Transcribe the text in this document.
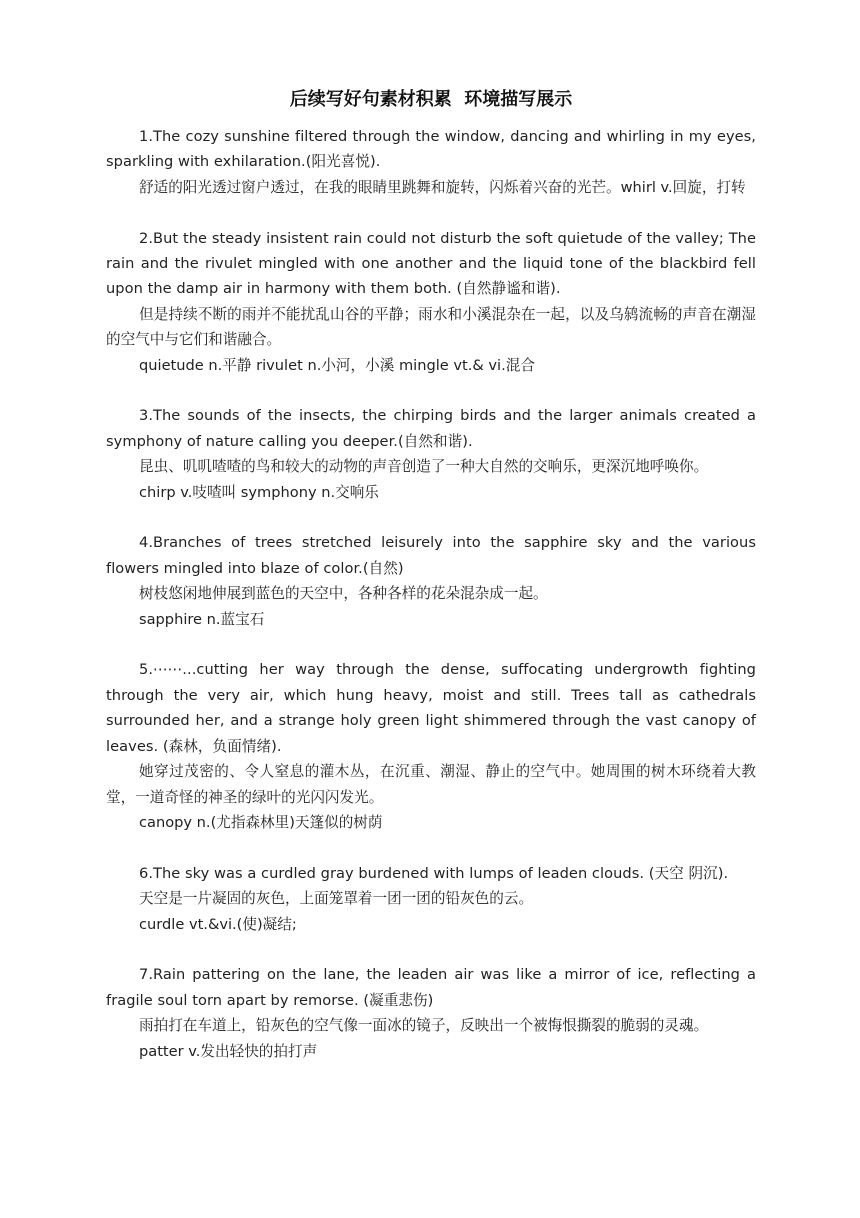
后续写好句素材积累  环境描写展示

1.The cozy sunshine filtered through the window, dancing and whirling in my eyes, sparkling with exhilaration.(阳光喜悦).

舒适的阳光透过窗户透过，在我的眼睛里跳舞和旋转，闪烁着兴奋的光芒。whirl v.回旋，打转

2.But the steady insistent rain could not disturb the soft quietude of the valley; The rain and the rivulet mingled with one another and the liquid tone of the blackbird fell upon the damp air in harmony with them both. (自然静谧和谐).

但是持续不断的雨并不能扰乱山谷的平静；雨水和小溪混杂在一起，以及乌鸫流畅的声音在潮湿的空气中与它们和谐融合。

quietude n.平静 rivulet n.小河，小溪 mingle vt.& vi.混合

3.The sounds of the insects, the chirping birds and the larger animals created a symphony of nature calling you deeper.(自然和谐).

昆虫、叽叽喳喳的鸟和较大的动物的声音创造了一种大自然的交响乐，更深沉地呼唤你。

chirp v.吱喳叫 symphony n.交响乐

4.Branches of trees stretched leisurely into the sapphire sky and the various flowers mingled into blaze of color.(自然)

树枝悠闲地伸展到蓝色的天空中，各种各样的花朵混杂成一起。

sapphire n.蓝宝石

5.⋯⋯...cutting her way through the dense, suffocating undergrowth fighting through the very air, which hung heavy, moist and still. Trees tall as cathedrals surrounded her, and a strange holy green light shimmered through the vast canopy of leaves. (森林，负面情绪).

她穿过茂密的、令人窒息的灌木丛，在沉重、潮湿、静止的空气中。她周围的树木环绕着大教堂，一道奇怪的神圣的绿叶的光闪闪发光。

canopy n.(尤指森林里)天篷似的树荫

6.The sky was a curdled gray burdened with lumps of leaden clouds. (天空 阴沉).

天空是一片凝固的灰色，上面笼罩着一团一团的铅灰色的云。

curdle vt.&vi.(使)凝结;

7.Rain pattering on the lane, the leaden air was like a mirror of ice, reflecting a fragile soul torn apart by remorse. (凝重悲伤)

雨拍打在车道上，铅灰色的空气像一面冰的镜子，反映出一个被悔恨撕裂的脆弱的灵魂。

patter v.发出轻快的拍打声
